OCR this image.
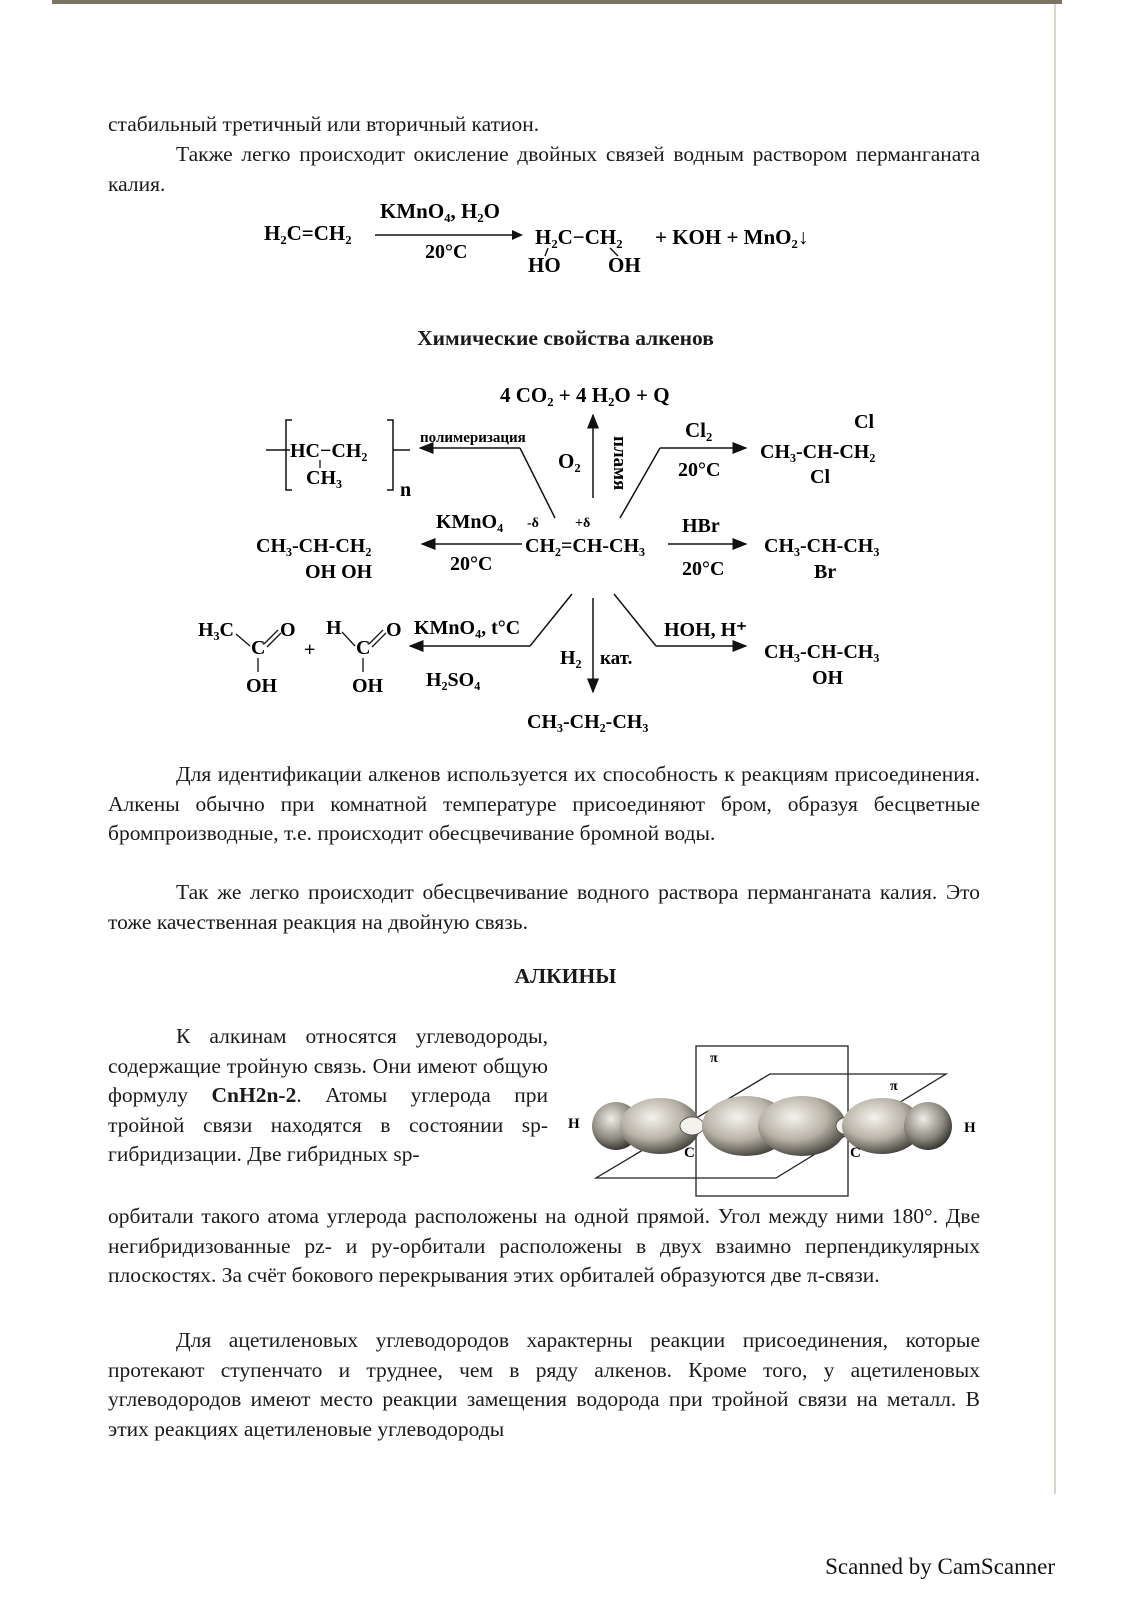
стабильный третичный или вторичный катион.

Также легко происходит окисление двойных связей водным раствором перманганата калия.

H₂C=CH₂
KMnO₄, H₂O
20°C
H₂C−CH₂
HO OH
+ KOH + MnO₂↓
Химические свойства алкенов
4 CO₂ + 4 H₂O + Q
O₂ пламя
HC−CH₂
CH₃
n
полимеризация	Cl₂
20°C
Cl
CH₃-CH-CH₂
Cl
-δ	+δ
CH₂=CH-CH₃
KMnO₄
20°C
CH₃-CH-CH₂
OH OH
HBr
20°C
CH₃-CH-CH₃
Br
KMnO₄, t°C
H₂SO₄
H₃C O
C
OH
+
H O
C
OH
H₂ кат.
CH₃-CH₂-CH₃
HOH, H⁺
CH₃-CH-CH₃
OH

Для идентификации алкенов используется их способность к реакциям присоединения. Алкены обычно при комнатной температуре присоединяют бром, образуя бесцветные бромпроизводные, т.е. происходит обесцвечивание бромной воды.

Так же легко происходит обесцвечивание водного раствора перманганата калия. Это тоже качественная реакция на двойную связь.

АЛКИНЫ

К алкинам относятся углеводороды, содержащие тройную связь. Они имеют общую формулу CnH2n-2. Атомы углерода при тройной связи находятся в состоянии sp-гибридизации. Две гибридных sp-

π
π
H	H
C	C

орбитали такого атома углерода расположены на одной прямой. Угол между ними 180°. Две негибридизованные pz- и py-орбитали расположены в двух взаимно перпендикулярных плоскостях. За счёт бокового перекрывания этих орбиталей образуются две π-связи.

Для ацетиленовых углеводородов характерны реакции присоединения, которые протекают ступенчато и труднее, чем в ряду алкенов. Кроме того, у ацетиленовых углеводородов имеют место реакции замещения водорода при тройной связи на металл. В этих реакциях ацетиленовые углеводороды

Scanned by CamScanner
